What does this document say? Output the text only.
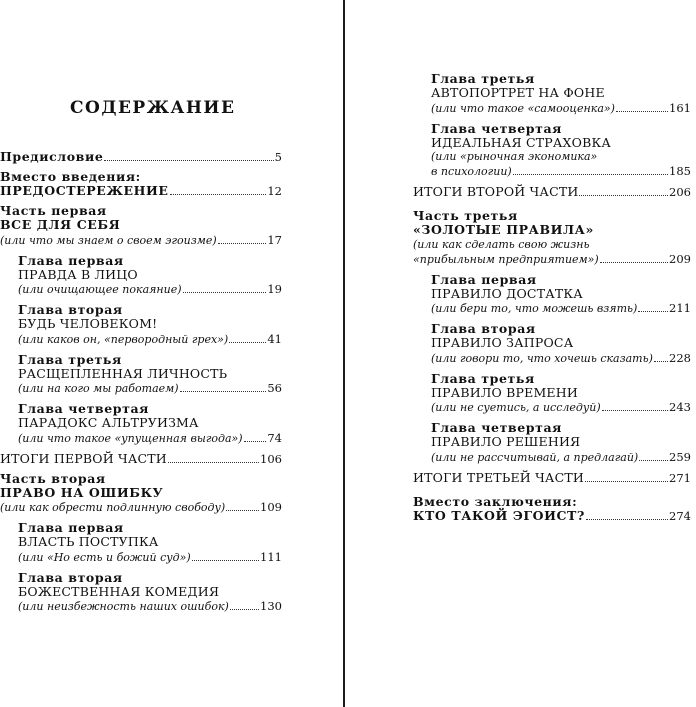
СОДЕРЖАНИЕ
Предисловие	5
Вместо введения:
ПРЕДОСТЕРЕЖЕНИЕ	12
Часть первая
ВСЕ ДЛЯ СЕБЯ
(или что мы знаем о своем эгоизме)	17
Глава первая
ПРАВДА В ЛИЦО
(или очищающее покаяние)	19
Глава вторая
БУДЬ ЧЕЛОВЕКОМ!
(или каков он, «первородный грех»)	41
Глава третья
РАСЩЕПЛЕННАЯ ЛИЧНОСТЬ
(или на кого мы работаем)	56
Глава четвертая
ПАРАДОКС АЛЬТРУИЗМА
(или что такое «упущенная выгода») 74
ИТОГИ ПЕРВОЙ ЧАСТИ	106
Часть вторая
ПРАВО НА ОШИБКУ
(или как обрести подлинную свободу)	109
Глава первая
ВЛАСТЬ ПОСТУПКА
(или «Но есть и божий суд»)	111
Глава вторая
БОЖЕСТВЕННАЯ КОМЕДИЯ
(или неизбежность наших ошибок)	130
Глава третья
АВТОПОРТРЕТ НА ФОНЕ
(или что такое «самооценка»)	161
Глава четвертая
ИДЕАЛЬНАЯ СТРАХОВКА
(или «рыночная экономика»
в психологии)	185
ИТОГИ ВТОРОЙ ЧАСТИ	206
Часть третья
«ЗОЛОТЫЕ ПРАВИЛА»
(или как сделать свою жизнь
«прибыльным предприятием»)	209
Глава первая
ПРАВИЛО ДОСТАТКА
(или бери то, что можешь взять)	211
Глава вторая
ПРАВИЛО ЗАПРОСА
(или говори то, что хочешь сказать) 228
Глава третья
ПРАВИЛО ВРЕМЕНИ
(или не суетись, а исследуй)	243
Глава четвертая
ПРАВИЛО РЕШЕНИЯ
(или не рассчитывай, а предлагай)	259
ИТОГИ ТРЕТЬЕЙ ЧАСТИ	271
Вместо заключения:
КТО ТАКОЙ ЭГОИСТ?	274
